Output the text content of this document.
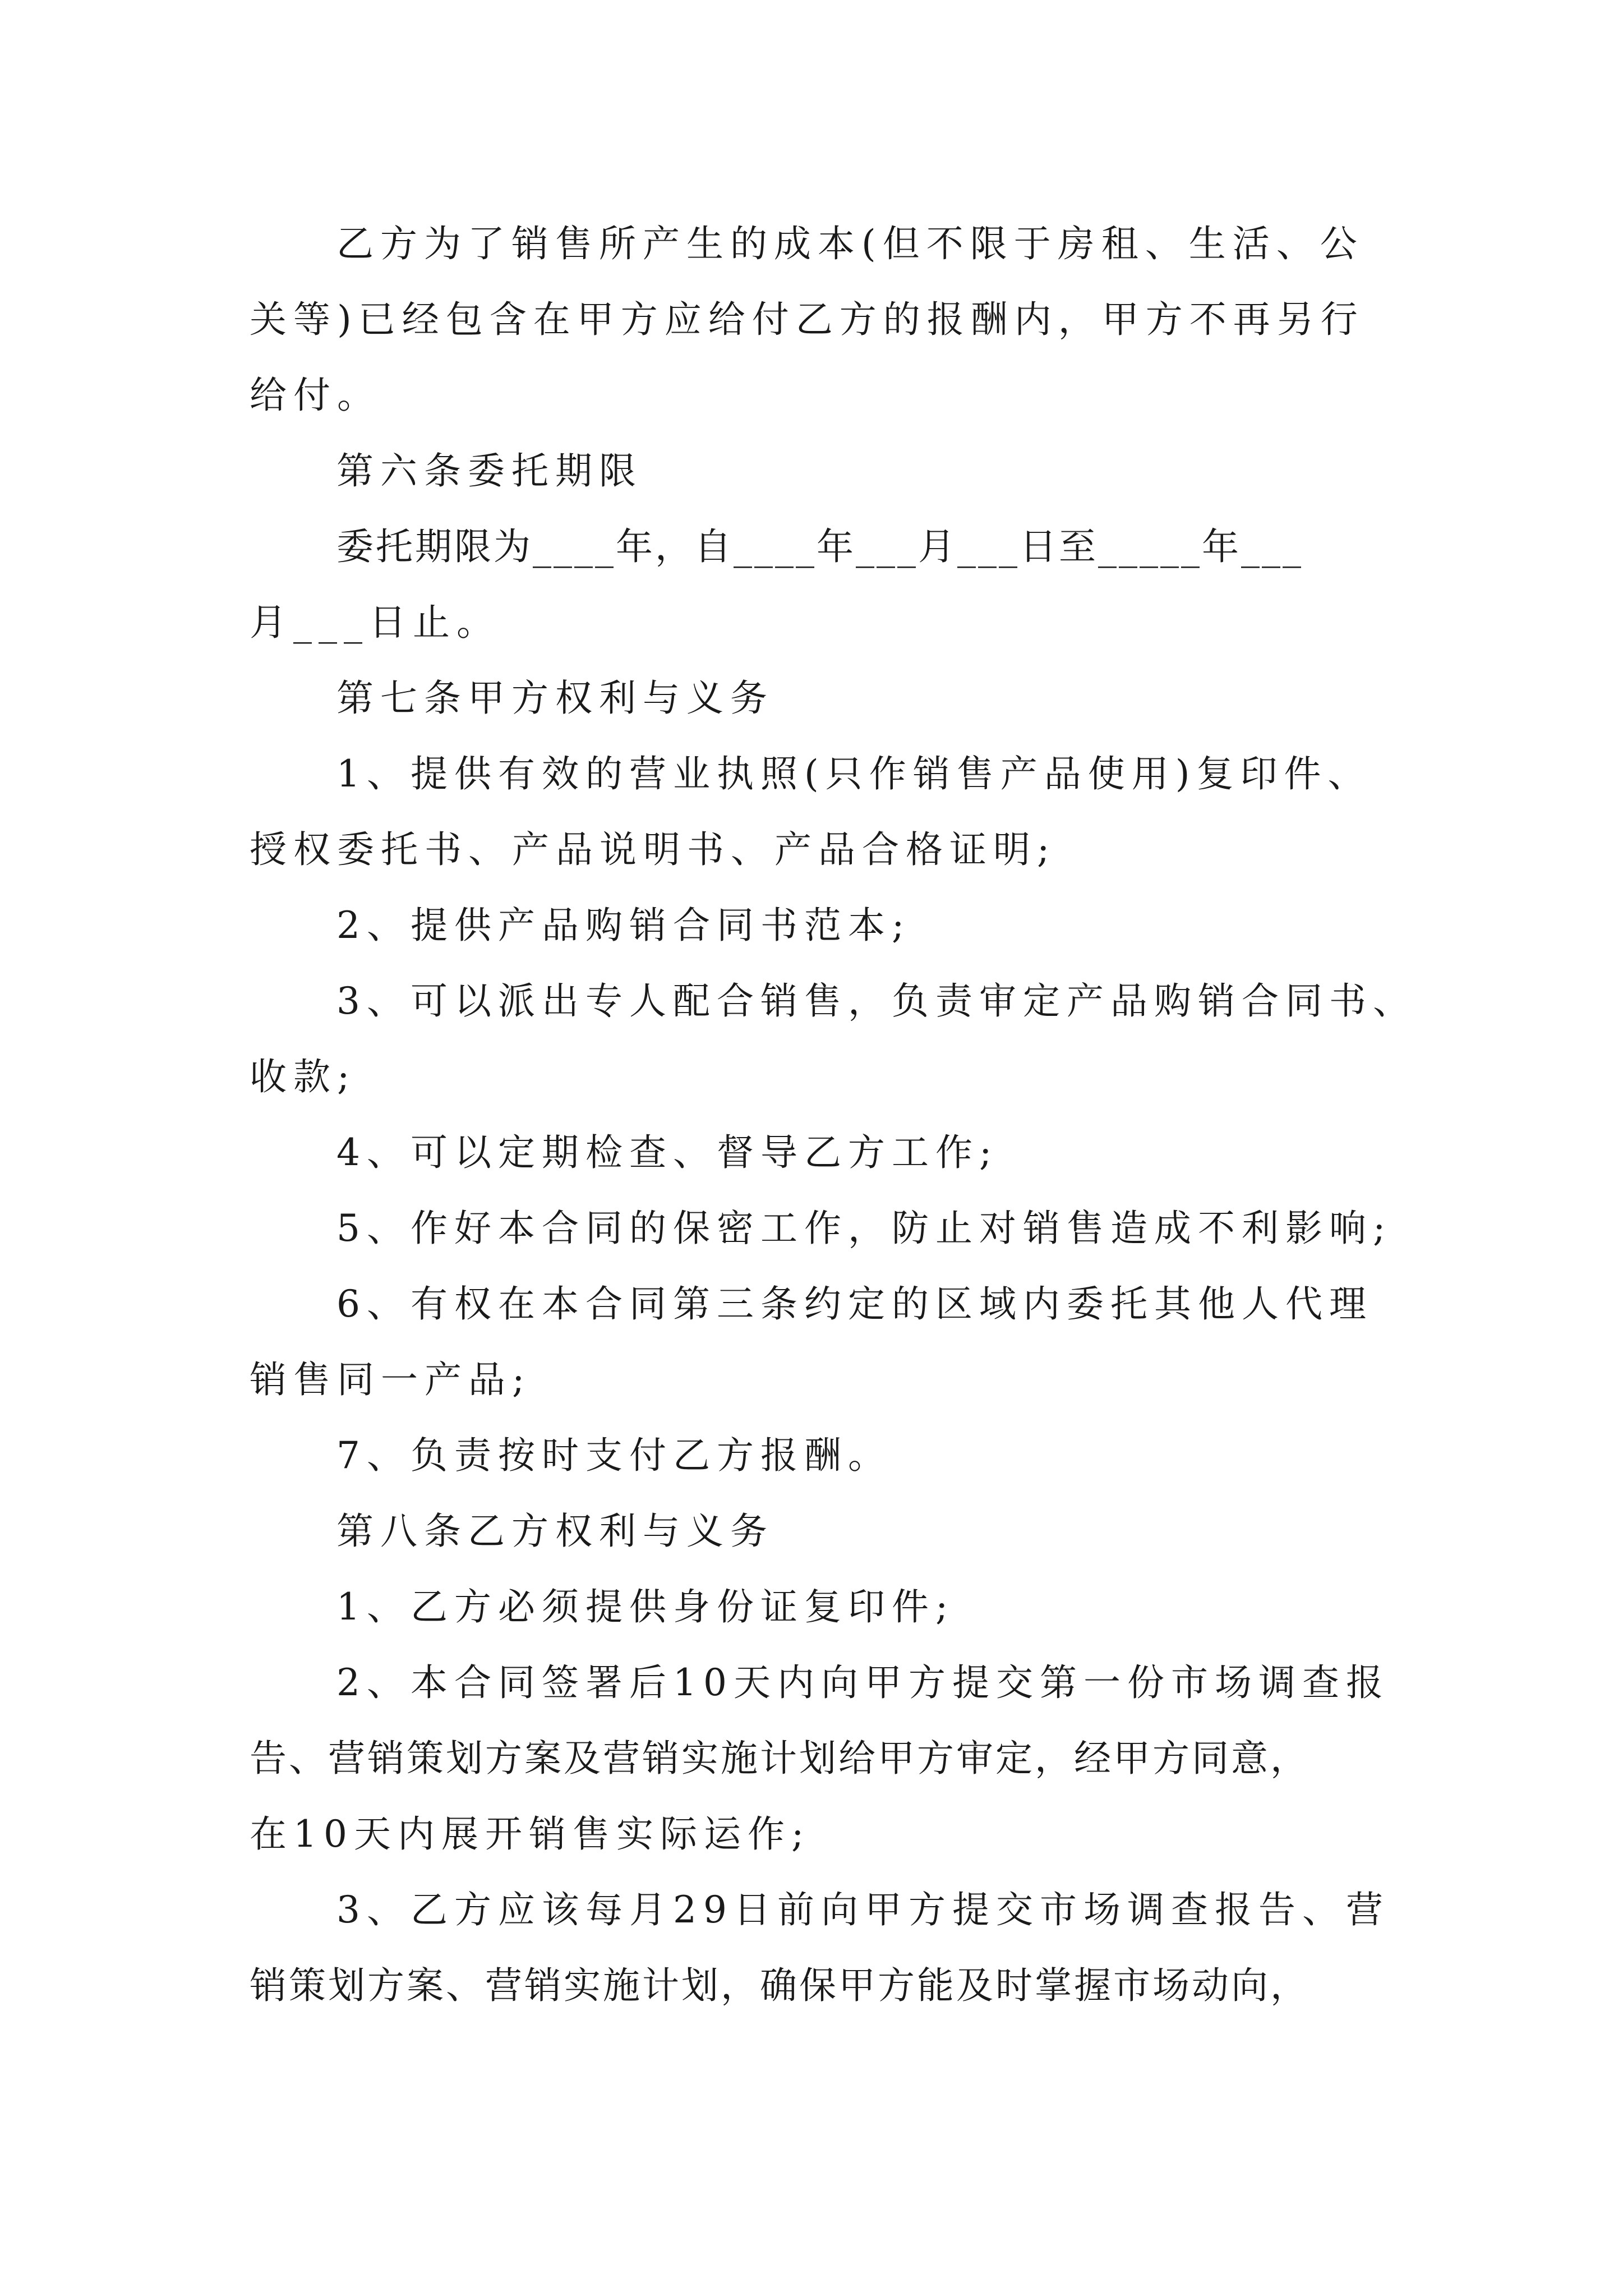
乙方为了销售所产生的成本(但不限于房租、生活、公
关等)已经包含在甲方应给付乙方的报酬内，甲方不再另行
给付。
第六条委托期限
委托期限为____年，自____年___月___日至_____年___
月___日止。
第七条甲方权利与义务
1、提供有效的营业执照(只作销售产品使用)复印件、
授权委托书、产品说明书、产品合格证明;
2、提供产品购销合同书范本;
3、可以派出专人配合销售，负责审定产品购销合同书、
收款;
4、可以定期检查、督导乙方工作;
5、作好本合同的保密工作，防止对销售造成不利影响;
6、有权在本合同第三条约定的区域内委托其他人代理
销售同一产品;
7、负责按时支付乙方报酬。
第八条乙方权利与义务
1、乙方必须提供身份证复印件;
2、本合同签署后10天内向甲方提交第一份市场调查报
告、营销策划方案及营销实施计划给甲方审定，经甲方同意，
在10天内展开销售实际运作;
3、乙方应该每月29日前向甲方提交市场调查报告、营
销策划方案、营销实施计划，确保甲方能及时掌握市场动向，
